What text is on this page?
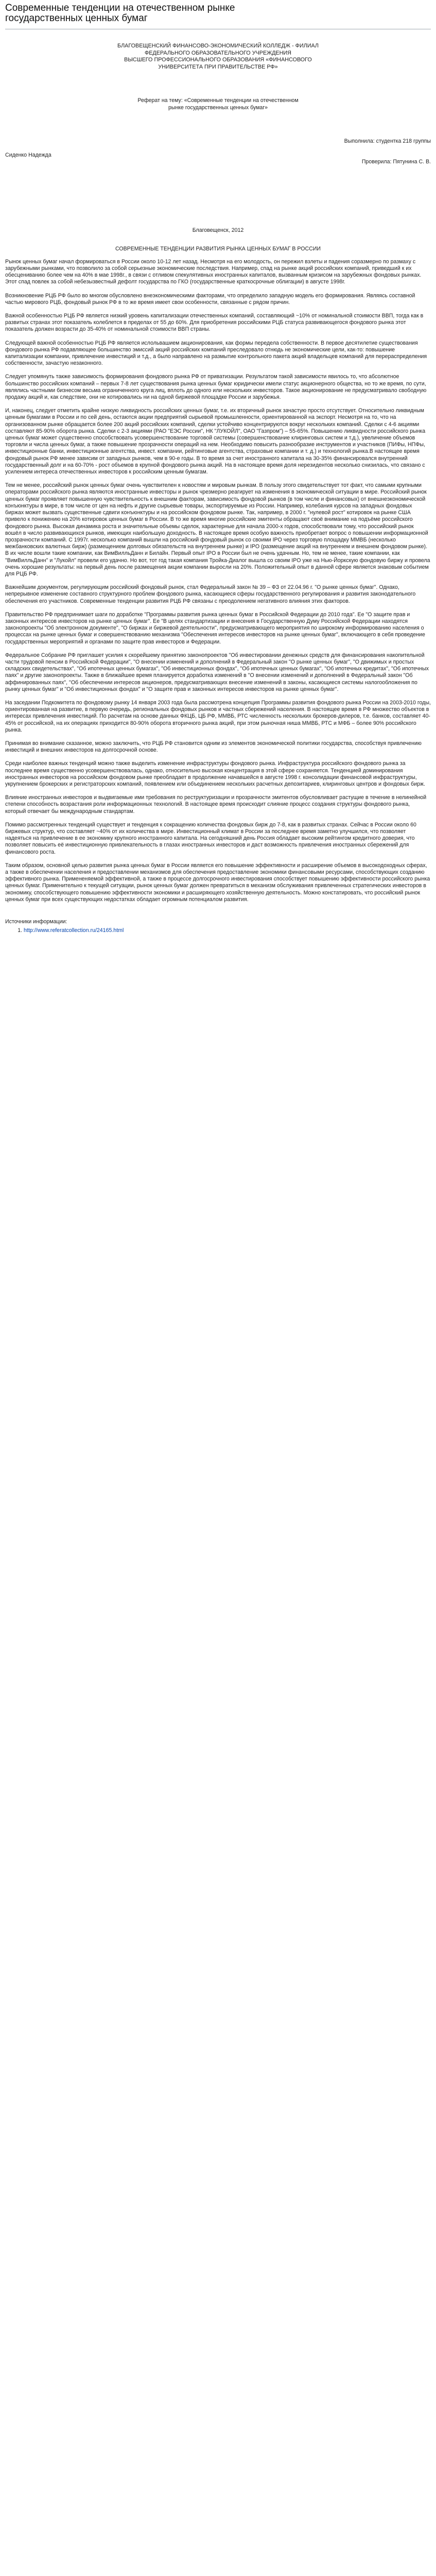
Современные тенденции на отечественном рынке государственных ценных бумаг
БЛАГОВЕЩЕНСКИЙ ФИНАНСОВО-ЭКОНОМИЧЕСКИЙ КОЛЛЕДЖ - ФИЛИАЛ
ФЕДЕРАЛЬНОГО ОБРАЗОВАТЕЛЬНОГО УЧРЕЖДЕНИЯ
ВЫСШЕГО ПРОФЕССИОНАЛЬНОГО ОБРАЗОВАНИЯ «ФИНАНСОВОГО
УНИВЕРСИТЕТА ПРИ ПРАВИТЕЛЬСТВЕ РФ»
Реферат на тему: «Современные тенденции на отечественном
рынке государственных ценных бумаг»
Выполнила: студентка 218 группы
Сиденко Надежда
Проверила: Пятунина С. В.
Благовещенск, 2012
СОВРЕМЕННЫЕ ТЕНДЕНЦИИ РАЗВИТИЯ РЫНКА ЦЕННЫХ БУМАГ В РОССИИ

Рынок ценных бумаг начал формироваться в России около 10-12 лет назад. Несмотря на его молодость, он пережил взлеты и падения соразмерно по размаху с зарубежными рынками, что позволило за собой серьезные экономические последствия. Например, спад на рынке акций российских компаний, приведший к их обесцениванию более чем на 40% в мае 1998г., в связи с отливом спекулятивных иностранных капиталов, вызванным кризисом на зарубежных фондовых рынках. Этот спад повлек за собой небезызвестный дефолт государства по ГКО (государственные краткосрочные облигации) в августе 1998г.

Возникновение РЦБ РФ было во многом обусловлено внеэкономическими факторами, что определило западную модель его формирования. Являясь составной частью мирового РЦБ, фондовый рынок РФ в то же время имеет свои особенности, связанные с рядом причин.

Важной особенностью РЦБ РФ является низкий уровень капитализации отечественных компаний, составляющий ~10% от номинальной стоимости ВВП, тогда как в развитых странах этот показатель колеблется в пределах от 55 до 60%. Для приобретения российскими РЦБ статуса развивающегося фондового рынка этот показатель должен возрасти до 35-40% от номинальной стоимости ВВП страны.

Следующей важной особенностью РЦБ РФ является ислольвашием акционирования, как формы передела собственности. В первое десятилетие существования фондового рынка РФ подавляющее большинство эмиссий акций российских компаний преследовало отнюдь не экономические цели, как-то: повышение капитализации компании, привлечение инвестиций и т.д., а было направлено на размытие контрольного пакета акций владельцев компаний для перераспределения собственности, зачастую незаконного.

Следует упомянуть также зависимость формирования фондового рынка РФ от приватизации. Результатом такой зависимости явилось то, что абсолютное большинство российских компаний – первых 7-8 лет существования рынка ценных бумаг юридически имели статус акционерного общества, но то же время, по сути, являлись частными бизнесом весьма ограниченного круга лиц, вплоть до одного или нескольких инвесторов. Такое акционирование не предусматривало свободную продажу акций и, как следствие, они не котировались ни на одной биржевой площадке России и зарубежья.

И, наконец, следует отметить крайне низкую ликвидность российских ценных бумаг, т.е. их вторичный рынок зачастую просто отсутствует. Относительно ликвидным ценным бумагами в России и по сей день, остаются акции предприятий сырьевой промышленности, ориентированной на экспорт. Несмотря на то, что на организованном рынке обращается более 200 акций российских компаний, сделки устойчиво концентрируются вокруг нескольких компаний. Сделки с 4-6 акциями составляют 85-90% оборота рынка. Сделки с 2-3 акциями (РАО "ЕЭС России", НК "ЛУКОЙЛ", ОАО "Газпром") – 55-65%. Повышению ликвидности российского рынка ценных бумаг может существенно способствовать усовершенствование торговой системы (совершенствование клиринговых систем и т.д.), увеличение объемов торговли и числа ценных бумаг, а также повышение прозрачности операций на нем. Необходимо повысить разнообразие инструментов и участников (ПИФы, НПФы, инвестиционные банки, инвестиционные агентства, инвест. компании, рейтинговые агентства, страховые компании и т. д.) и технологий рынка.В настоящее время фондовый рынок РФ менее зависим от западных рынков, чем в 90-е годы. В то время за счет иностранного капитала на 30-35% финансировался внутренний государственный долг и на 60-70% - рост объемов в крупной фондового рынка акций. На в настоящее время доля нерезидентов несколько снизилась, что связано с усилением интереса отечественных инвесторов к российским ценным бумагам.

Тем не менее, российский рынок ценных бумаг очень чувствителен к новостям и мировым рынкам. В пользу этого свидетельствует тот факт, что самыми крупными операторами российского рынка являются иностранные инвесторы и рынок чрезмерно реагирует на изменения в экономической ситуации в мире. Российский рынок ценных бумаг проявляет повышенную чувствительность к внешним факторам, зависимость фондовой рынков (в том числе и финансовых) от внешнеэкономической конъюнктуры в мире, в том числе от цен на нефть и другие сырьевые товары, экспортируемые из России. Например, колебания курсов на западных фондовых биржах может вызвать существенные сдвиги конъюнктуры и на российском фондовом рынке. Так, например, в 2000 г. "нулевой рост" котировок на рынке США привело к понижению на 20% котировок ценных бумаг в России. В то же время многие российские эмитенты обращают своё внимание на подъёме российского фондового рынка. Высокая динамика роста и значительные объемы сделок, характерные для начала 2000-х годов, способствовали тому, что российский рынок вошёл в число развивающихся рынков, имеющих наибольшую доходность. В настоящее время особую важность приобретает вопрос о повышении информационной прозрачности компаний. С 1997г. несколько компаний вышли на российский фондовый рынок со своими IPO через торговую площадку ММВБ (несколько межбанковских валютных бирж) (размещением долговых обязательств на внутреннем рынке) и IPO (размещение акций на внутреннем и внешнем фондовом рынке). В их числе вошли такие компании, как ВимВилльДанн и Билайн. Первый опыт IPO в России был не очень удачным. Но, тем не менее, такие компании, как "ВимВилльДанн" и "Лукойл" провели его удачно. Но вот, тот год такая компания Тройка-Диалог вышла со своим IPO уже на Нью-Йоркскую фондовую биржу и провела очень хорошие результаты: на первый день после размещения акции компании выросли на 20%. Положительный опыт в данной сфере является знаковым событием для РЦБ РФ.

Важнейшим документом, регулирующим российский фондовый рынок, стал Федеральный закон № 39 – ФЗ от 22.04.96 г. "О рынке ценных бумаг". Однако, непрерывное изменение составного структурного проблем фондового рынка, касающиеся сферы государственного регулирования и развития законодательного обеспечения его участников. Современные тенденции развития РЦБ РФ связаны с преодолением негативного влияния этих факторов.

Правительство РФ предпринимает шаги по доработке "Программы развития рынка ценных бумаг в Российской Федерации до 2010 года". Ее "О защите прав и законных интересов инвесторов на рынке ценных бумаг". Ее "В целях стандартизации и внесения в Государственную Думу Российской Федерации находятся законопроекты "Об электронном документе", "О биржах и биржевой деятельности", предусматривающего мероприятия по широкому информированию населения о процессах на рынке ценных бумаг и совершенствованию механизма "Обеспечения интересов инвесторов на рынке ценных бумаг", включающего в себя проведение государственных мероприятий и органами по защите прав инвесторов и Федерации.

Федеральное Собрание РФ приглашет усилия к скорейшему принятию законопроектов "Об инвестировании денежных средств для финансирования накопительной части трудовой пенсии в Российской Федерации", "О внесении изменений и дополнений в Федеральный закон "О рынке ценных бумаг", "О движимых и простых складских свидетельствах", "Об ипотечных ценных бумагах", "Об инвестиционных фондах", "Об ипотечных ценных бумагах", "Об ипотечных кредитах", "Об ипотечных паях" и другие законопроекты. Также в ближайшее время планируется доработка изменений в "О внесении изменений и дополнений в Федеральный закон "Об аффинированных паях", "Об обеспечении интересов акционеров, предусматривающих внесение изменений в законы, касающиеся системы налогообложения по рынку ценных бумаг" и "Об инвестиционных фондах" и "О защите прав и законных интересов инвесторов на рынке ценных бумаг".

На заседании Подкомитета по фондовому рынку 14 января 2003 года была рассмотрена концепция Программы развития фондового рынка России на 2003-2010 годы, ориентированная на развитие, в первую очередь, региональных фондовых рынков и частных сбережений населения. В настоящее время в РФ множество объектов в интересах привлечения инвестиций. По расчетам на основе данных ФКЦБ, ЦБ РФ, ММВБ, РТС численность нескольких брокеров-дилеров, т.е. банков, составляет 40-45% от российской, на их операциях приходится 80-90% оборота вторичного рынка акций, при этом рыночная ниша ММВБ, РТС и МФБ – более 90% российского рынка.

Принимая во внимание сказанное, можно заключить, что РЦБ РФ становится одним из элементов экономической политики государства, способствуя привлечению инвестиций и внешних инвесторов на долгосрочной основе.

Среди наиболее важных тенденций можно также выделить изменение инфраструктуры фондового рынка. Инфраструктура российского фондового рынка за последнее время существенно усовершенствовалась, однако, относительно высокая концентрация в этой сфере сохраняется. Тенденцией доминирования иностранных инвесторов на российском фондовом рынке преобладает в продолжение начавшейся в августе 1998 г. консолидации финансовой инфраструктуры, укрупнением брокерских и регистраторских компаний, появлением или объединением нескольких расчетных депозитариев, клиринговых центров и фондовых бирж.

Влияние иностранных инвесторов и выдвигаемые ими требования по реструктуризации и прозрачности эмитентов обусловливает растущие в течение в нелинейной степени способность возрастания роли информационных технологий. В настоящее время происходит слияние процесс создания структуры фондового рынка, который отвечает бы международным стандартам.

Помимо рассмотренных тенденций существует и тенденция к сокращению количества фондовых бирж до 7-8, как в развитых странах. Сейчас в России около 60 биржевых структур, что составляет ~40% от их количества в мире. Инвестиционный климат в России за последнее время заметно улучшился, что позволяет надеяться на привлечение в ее экономику крупного иностранного капитала. На сегодняшний день Россия обладает высоким рейтингом кредитного доверия, что позволяет повысить её инвестиционную привлекательность в глазах иностранных инвесторов и даст возможность привлечения иностранных сбережений для финансового роста.

Таким образом, основной целью развития рынка ценных бумаг в России является его повышение эффективности и расширение объемов в высокодоходных сферах, а также в обеспечении населения и предоставлении механизмов для обеспечения предоставление экономики финансовыми ресурсами, способствующих созданию эффективного рынка. Примененяемой эффективной, а также в процессе долгосрочного инвестирования способствует повышению эффективности российского рынка ценных бумаг. Применительно к текущей ситуации, рынок ценных бумаг должен превратиться в механизм обслуживания привлеченных стратегических инвесторов в экономику, способствующего повышению эффективности экономики и расширяющего хозяйственную деятельность. Можно констатировать, что российский рынок ценных бумаг при всех существующих недостатках обладает огромным потенциалом развития.

Источники информации:
1. http://www.referatcollection.ru/24165.html
